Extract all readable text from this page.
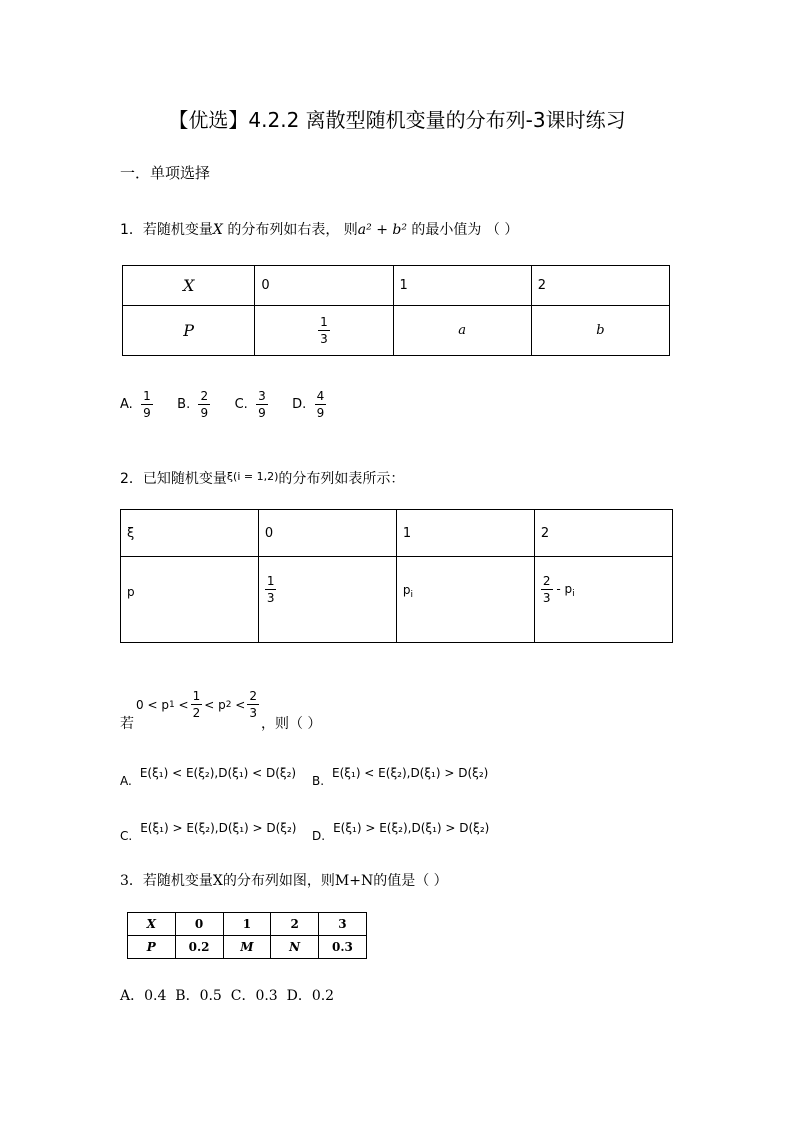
【优选】4.2.2 离散型随机变量的分布列-3课时练习
一．单项选择
1．若随机变量X 的分布列如右表， 则a² + b² 的最小值为 （ ）
X	0	1	2
P	$\frac{1}{3}$	a	b
A.
$\frac{1}{9}$
B.
$\frac{2}{9}$
C.
$\frac{3}{9}$
D.
$\frac{4}{9}$
2．已知随机变量$^{\xi(i = 1,2)}$的分布列如表所示：
ξ	0	1	2
p	$\frac{1}{3}$	$p_i$	$\frac{2}{3} - p_i$
若
0 < p 1
< $\frac{1}{2} < p$ 2
< $\frac{2}{3}$
，则（ ）
A.
E(ξ₁) < E(ξ₂),D(ξ₁) < D(ξ₂)
B.
E(ξ₁) < E(ξ₂),D(ξ₁) > D(ξ₂)
C.
E(ξ₁) > E(ξ₂),D(ξ₁) > D(ξ₂)
D.
E(ξ₁) > E(ξ₂),D(ξ₁) > D(ξ₂)
3．若随机变量X的分布列如图，则M+N的值是（ ）
X	0	1	2	3
P	0.2	M	N	0.3
A．0.4  B．0.5  C．0.3  D．0.2
